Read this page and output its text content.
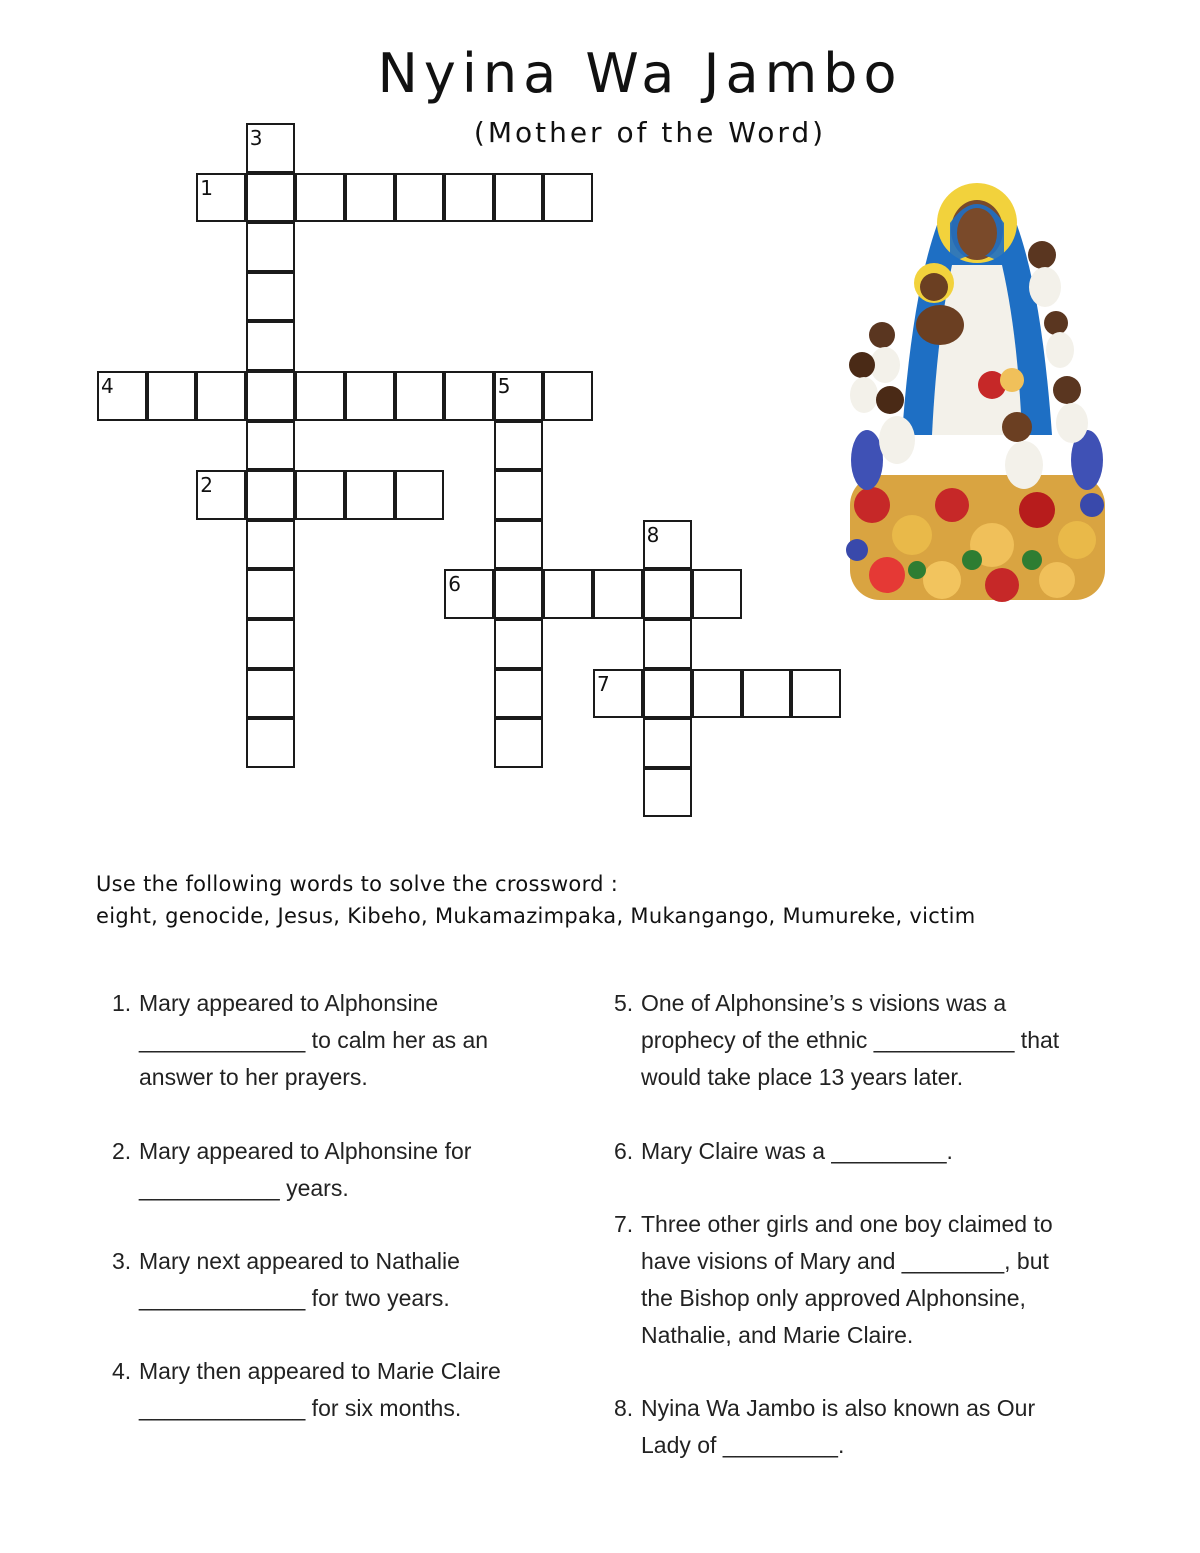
Nyina Wa Jambo
(Mother of the Word)
1
2
3
4	5
6
7
8
Use the following words to solve the crossword :
eight, genocide, Jesus, Kibeho, Mukamazimpaka, Mukangango, Mumureke, victim
1. Mary appeared to Alphonsine _____________ to calm her as an answer to her prayers.
2. Mary appeared to Alphonsine for ___________ years.
3. Mary next appeared to Nathalie _____________ for two years.
4. Mary then appeared to Marie Claire _____________ for six months.
5. One of Alphonsine’s s visions was a prophecy of the ethnic ___________ that would take place 13 years later.
6. Mary Claire was a _________.
7. Three other girls and one boy claimed to have visions of Mary and ________, but the Bishop only approved Alphonsine, Nathalie, and Marie Claire.
8. Nyina Wa Jambo is also known as Our Lady of _________.
